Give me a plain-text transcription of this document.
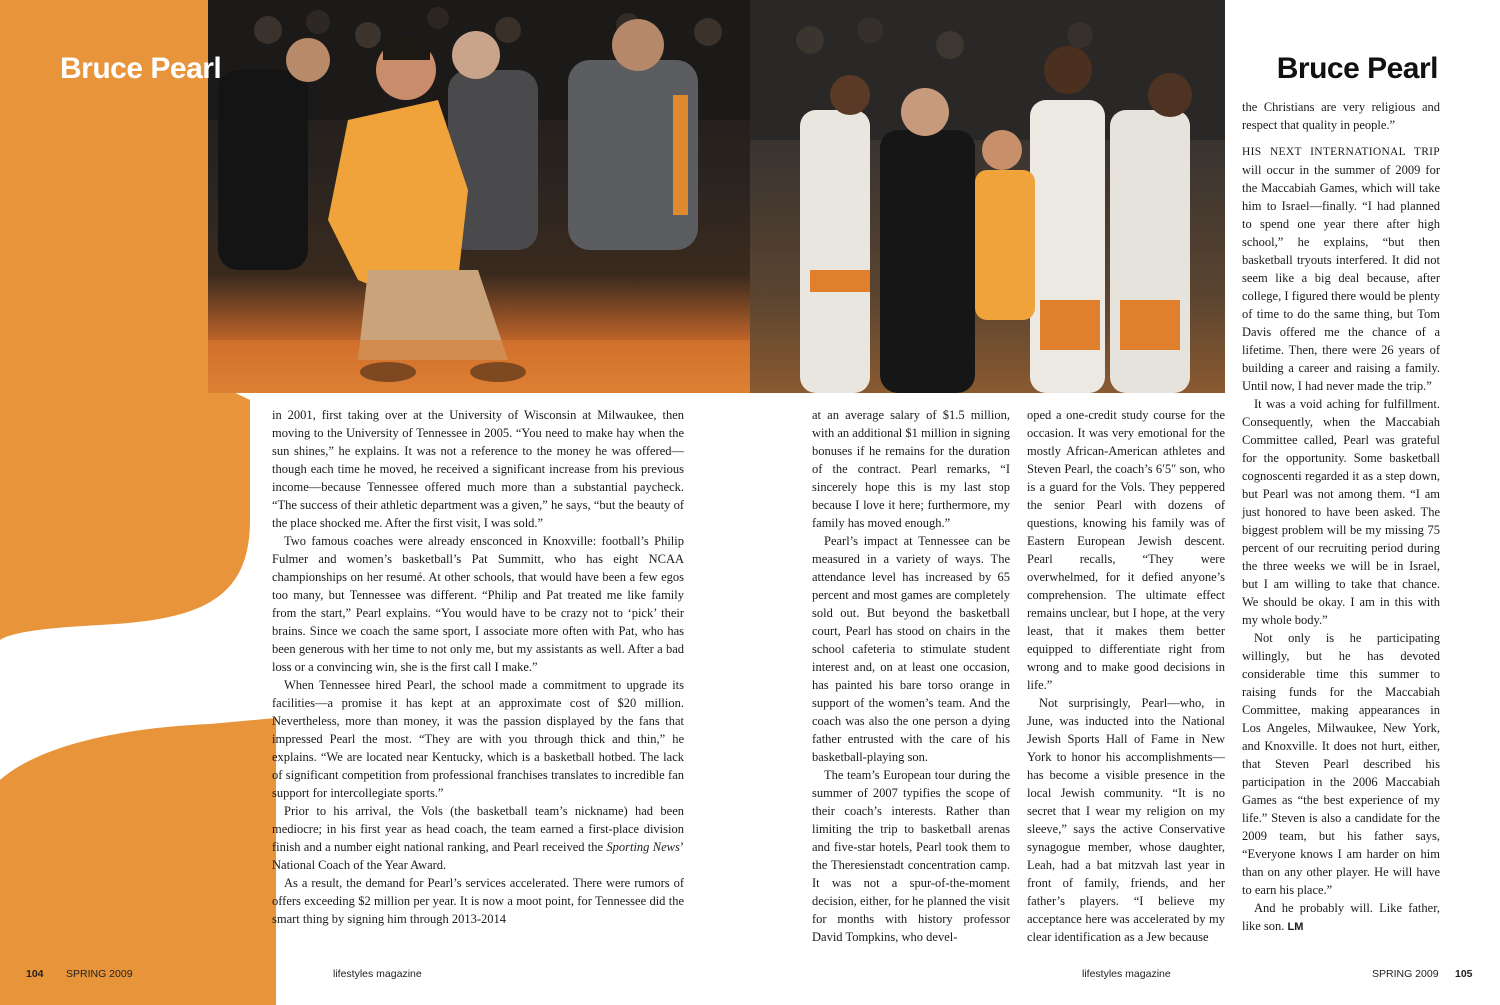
Bruce Pearl	Bruce Pearl

in 2001, first taking over at the University of Wisconsin at Milwaukee, then moving to the University of Tennessee in 2005. “You need to make hay when the sun shines,” he explains. It was not a reference to the money he was offered—though each time he moved, he received a significant increase from his previous income—because Tennessee offered much more than a substantial paycheck. “The success of their athletic department was a given,” he says, “but the beauty of the place shocked me. After the first visit, I was sold.”

Two famous coaches were already ensconced in Knoxville: football’s Philip Fulmer and women’s basketball’s Pat Summitt, who has eight NCAA championships on her resumé. At other schools, that would have been a few egos too many, but Tennessee was different. “Philip and Pat treated me like family from the start,” Pearl explains. “You would have to be crazy not to ‘pick’ their brains. Since we coach the same sport, I associate more often with Pat, who has been generous with her time to not only me, but my assistants as well. After a bad loss or a convincing win, she is the first call I make.”

When Tennessee hired Pearl, the school made a commitment to upgrade its facilities—a promise it has kept at an approximate cost of $20 million. Nevertheless, more than money, it was the passion displayed by the fans that impressed Pearl the most. “They are with you through thick and thin,” he explains. “We are located near Kentucky, which is a basketball hotbed. The lack of significant competition from professional franchises translates to incredible fan support for intercollegiate sports.”

Prior to his arrival, the Vols (the basketball team’s nickname) had been mediocre; in his first year as head coach, the team earned a first-place division finish and a number eight national ranking, and Pearl received the Sporting News’ National Coach of the Year Award.

As a result, the demand for Pearl’s services accelerated. There were rumors of offers exceeding $2 million per year. It is now a moot point, for Tennessee did the smart thing by signing him through 2013-2014

at an average salary of $1.5 million, with an additional $1 million in signing bonuses if he remains for the duration of the contract. Pearl remarks, “I sincerely hope this is my last stop because I love it here; furthermore, my family has moved enough.”

Pearl’s impact at Tennessee can be measured in a variety of ways. The attendance level has increased by 65 percent and most games are completely sold out. But beyond the basketball court, Pearl has stood on chairs in the school cafeteria to stimulate student interest and, on at least one occasion, has painted his bare torso orange in support of the women’s team. And the coach was also the one person a dying father entrusted with the care of his basketball-playing son.

The team’s European tour during the summer of 2007 typifies the scope of their coach’s interests. Rather than limiting the trip to basketball arenas and five-star hotels, Pearl took them to the Theresienstadt concentration camp. It was not a spur-of-the-moment decision, either, for he planned the visit for months with history professor David Tompkins, who devel-

oped a one-credit study course for the occasion. It was very emotional for the mostly African-American athletes and Steven Pearl, the coach’s 6′5″ son, who is a guard for the Vols. They peppered the senior Pearl with dozens of questions, knowing his family was of Eastern European Jewish descent. Pearl recalls, “They were overwhelmed, for it defied anyone’s comprehension. The ultimate effect remains unclear, but I hope, at the very least, that it makes them better equipped to differentiate right from wrong and to make good decisions in life.”

Not surprisingly, Pearl—who, in June, was inducted into the National Jewish Sports Hall of Fame in New York to honor his accomplishments—has become a visible presence in the local Jewish community. “It is no secret that I wear my religion on my sleeve,” says the active Conservative synagogue member, whose daughter, Leah, had a bat mitzvah last year in front of family, friends, and her father’s players. “I believe my acceptance here was accelerated by my clear identification as a Jew because

the Christians are very religious and respect that quality in people.”

HIS NEXT INTERNATIONAL TRIP will occur in the summer of 2009 for the Maccabiah Games, which will take him to Israel—finally. “I had planned to spend one year there after high school,” he explains, “but then basketball tryouts interfered. It did not seem like a big deal because, after college, I figured there would be plenty of time to do the same thing, but Tom Davis offered me the chance of a lifetime. Then, there were 26 years of building a career and raising a family. Until now, I had never made the trip.”

It was a void aching for fulfillment. Consequently, when the Maccabiah Committee called, Pearl was grateful for the opportunity. Some basketball cognoscenti regarded it as a step down, but Pearl was not among them. “I am just honored to have been asked. The biggest problem will be my missing 75 percent of our recruiting period during the three weeks we will be in Israel, but I am willing to take that chance. We should be okay. I am in this with my whole body.”

Not only is he participating willingly, but he has devoted considerable time this summer to raising funds for the Maccabiah Committee, making appearances in Los Angeles, Milwaukee, New York, and Knoxville. It does not hurt, either, that Steven Pearl described his participation in the 2006 Maccabiah Games as “the best experience of my life.” Steven is also a candidate for the 2009 team, but his father says, “Everyone knows I am harder on him than on any other player. He will have to earn his place.”

And he probably will. Like father, like son. LM

104 SPRING 2009	lifestyles magazine	lifestyles magazine	SPRING 2009 105
